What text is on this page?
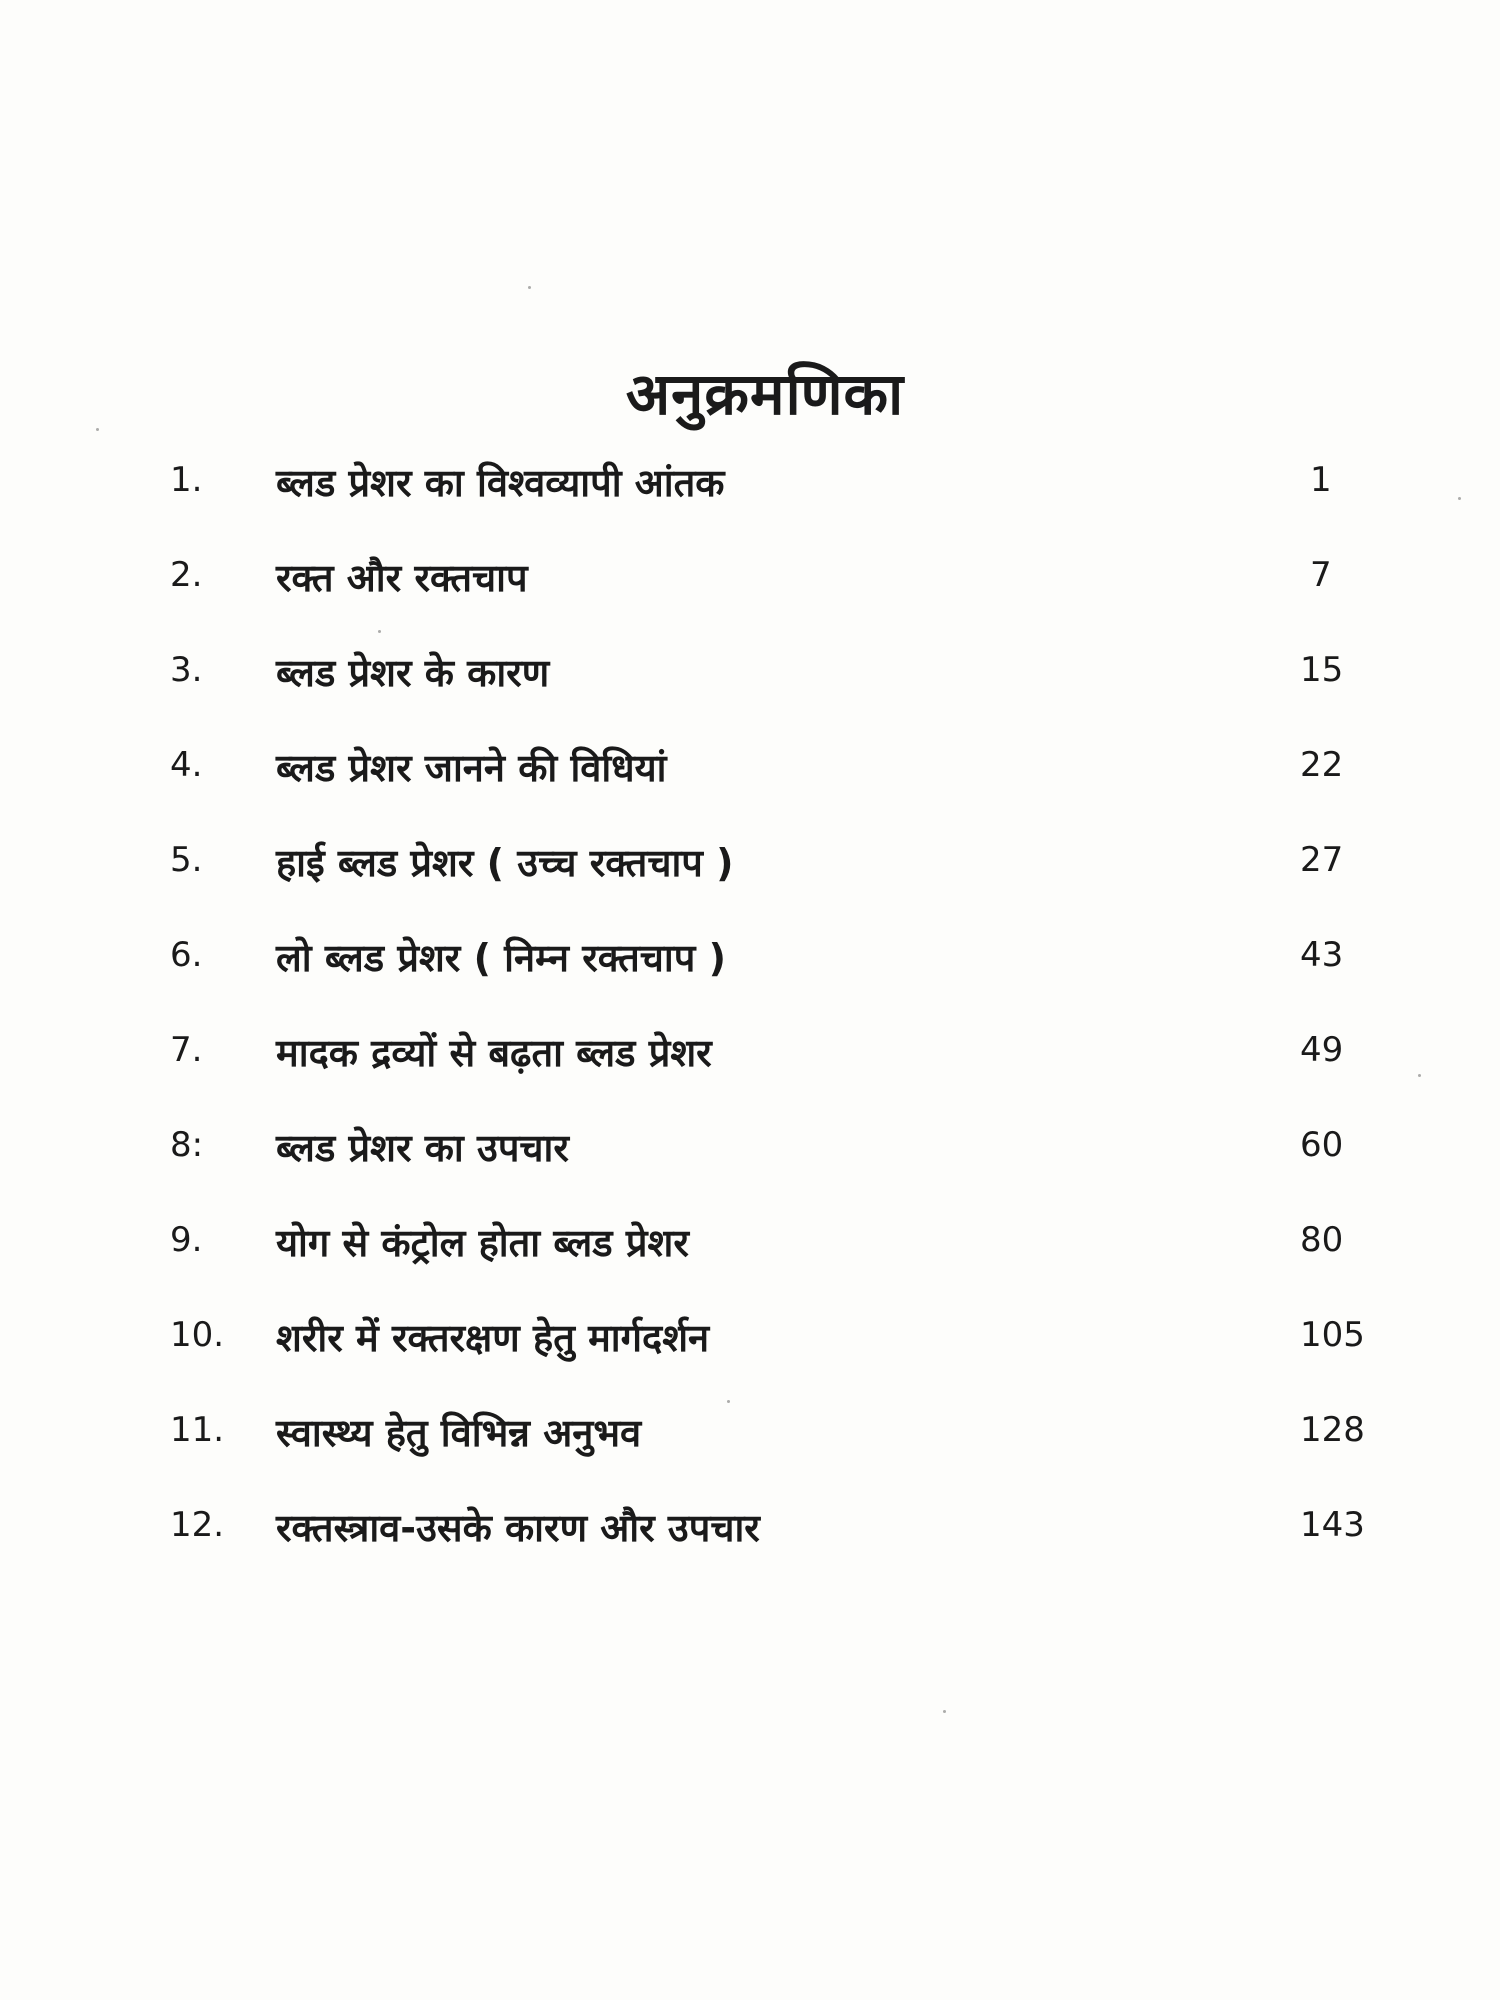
अनुक्रमणिका
1. ब्लड प्रेशर का विश्वव्यापी आंतक	1
2. रक्त और रक्तचाप	7
3. ब्लड प्रेशर के कारण	15
4. ब्लड प्रेशर जानने की विधियां	22
5. हाई ब्लड प्रेशर ( उच्च रक्तचाप )	27
6. लो ब्लड प्रेशर ( निम्न रक्तचाप )	43
7. मादक द्रव्यों से बढ़ता ब्लड प्रेशर	49
8: ब्लड प्रेशर का उपचार	60
9. योग से कंट्रोल होता ब्लड प्रेशर	80
10. शरीर में रक्तरक्षण हेतु मार्गदर्शन	105
11. स्वास्थ्य हेतु विभिन्न अनुभव	128
12. रक्तस्त्राव-उसके कारण और उपचार	143
